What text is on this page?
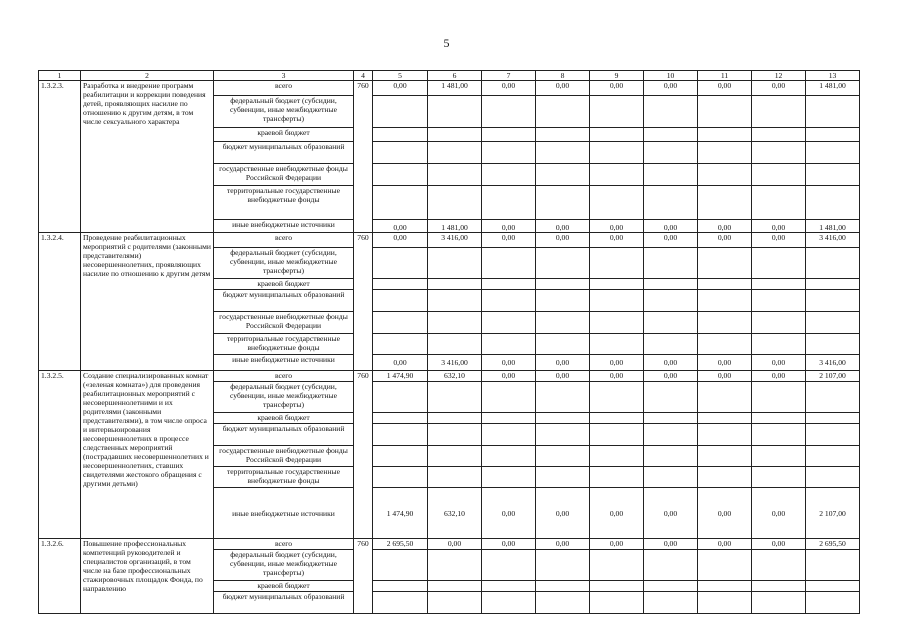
5
1	2	3	4	5	6	7	8	9	10	11	12	13
1.3.2.3.	Разработка и внедрение программ реабилитации и коррекции поведения детей, проявляющих насилие по отношению к другим детям, в том числе сексуального характера	всего	760	0,00	1 481,00	0,00	0,00	0,00	0,00	0,00	0,00	1 481,00
		федеральный бюджет (субсидии, субвенции, иные межбюджетные трансферты)										
		краевой бюджет										
		бюджет муниципальных образований										
		государственные внебюджетные фонды Российской Федерации										
		территориальные государственные внебюджетные фонды										
		иные внебюджетные источники		0,00	1 481,00	0,00	0,00	0,00	0,00	0,00	0,00	1 481,00
1.3.2.4.	Проведение реабилитационных мероприятий с родителями (законными представителями) несовершеннолетних, проявляющих насилие по отношению к другим детям	всего	760	0,00	3 416,00	0,00	0,00	0,00	0,00	0,00	0,00	3 416,00
		федеральный бюджет (субсидии, субвенции, иные межбюджетные трансферты)										
		краевой бюджет										
		бюджет муниципальных образований										
		государственные внебюджетные фонды Российской Федерации										
		территориальные государственные внебюджетные фонды										
		иные внебюджетные источники		0,00	3 416,00	0,00	0,00	0,00	0,00	0,00	0,00	3 416,00
1.3.2.5.	Создание специализированных комнат («зеленая комната») для проведения реабилитационных мероприятий с несовершеннолетними и их родителями (законными представителями), в том числе опроса и интервьюирования несовершеннолетних в процессе следственных мероприятий (пострадавших несовершеннолетних и несовершеннолетних, ставших свидетелями жестокого обращения с другими детьми)	всего	760	1 474,90	632,10	0,00	0,00	0,00	0,00	0,00	0,00	2 107,00
		федеральный бюджет (субсидии, субвенции, иные межбюджетные трансферты)										
		краевой бюджет										
		бюджет муниципальных образований										
		государственные внебюджетные фонды Российской Федерации										
		территориальные государственные внебюджетные фонды										
		иные внебюджетные источники		1 474,90	632,10	0,00	0,00	0,00	0,00	0,00	0,00	2 107,00
1.3.2.6.	Повышение профессиональных компетенций руководителей и специалистов организаций, в том числе на базе профессиональных стажировочных площадок Фонда, по направлению	всего	760	2 695,50	0,00	0,00	0,00	0,00	0,00	0,00	0,00	2 695,50
		федеральный бюджет (субсидии, субвенции, иные межбюджетные трансферты)										
		краевой бюджет										
		бюджет муниципальных образований										
